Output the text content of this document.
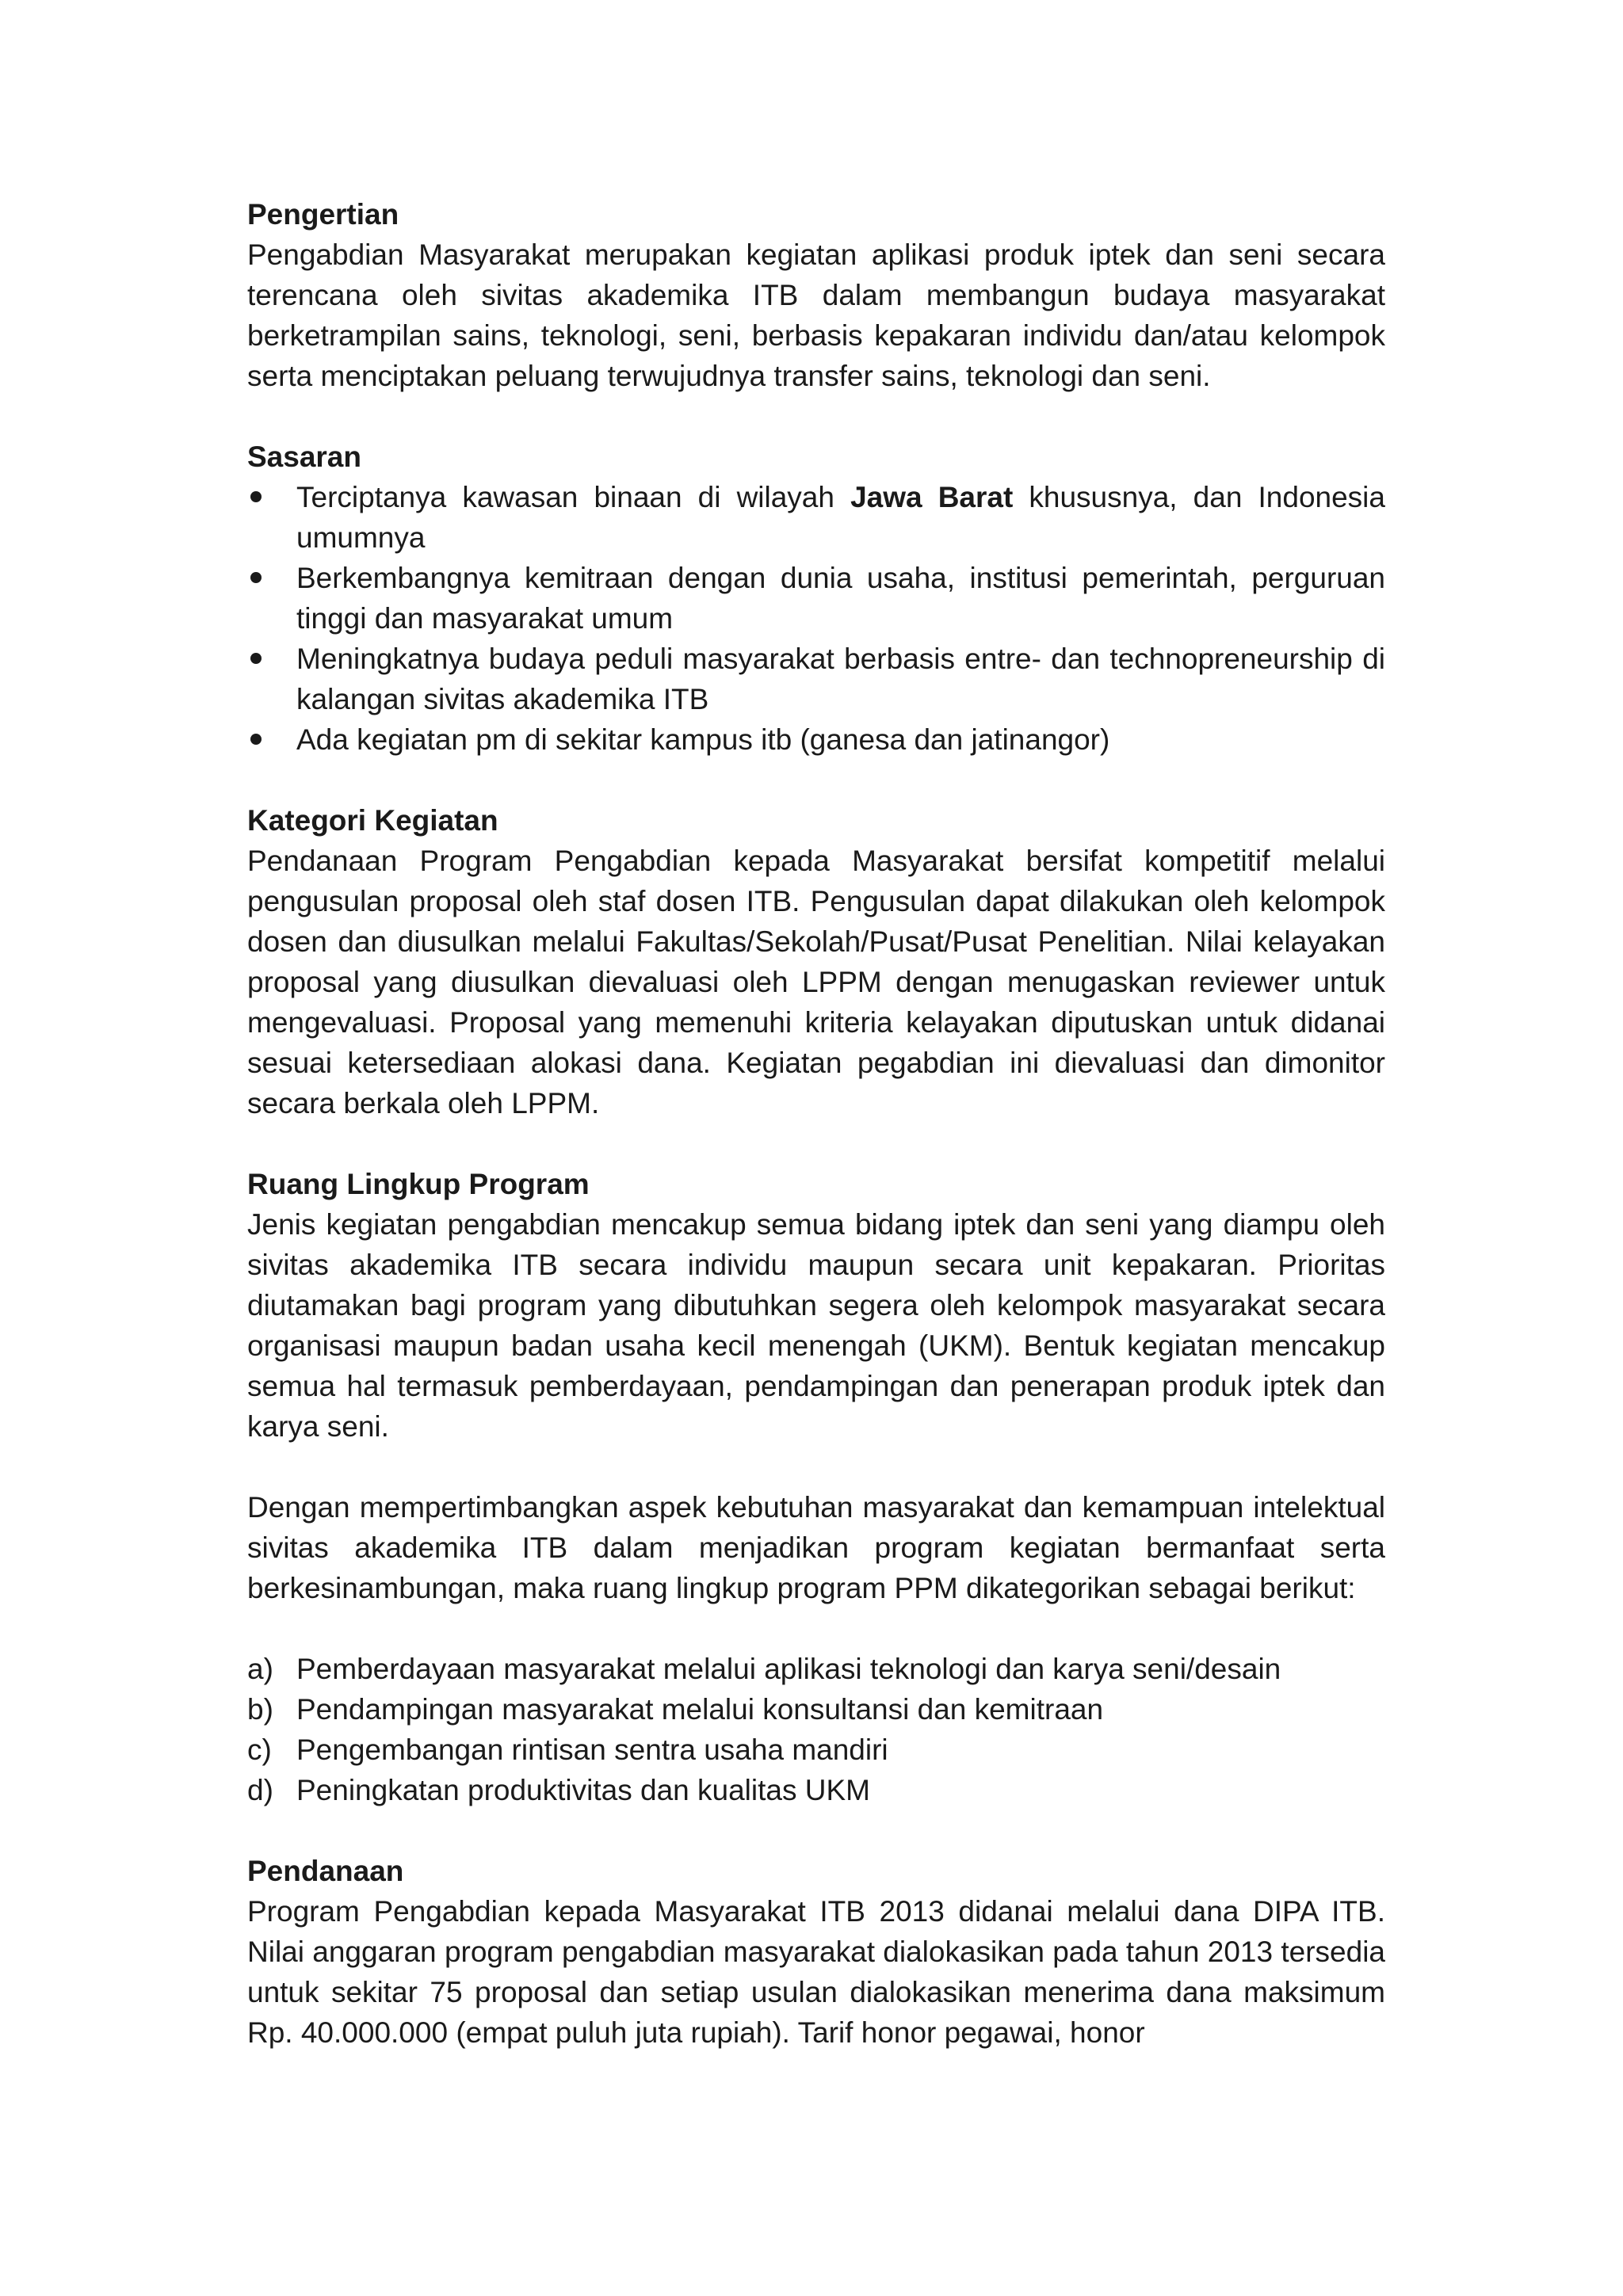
Pengertian

Pengabdian Masyarakat merupakan kegiatan aplikasi produk iptek dan seni secara terencana oleh sivitas akademika ITB dalam membangun budaya masyarakat berketrampilan sains, teknologi, seni, berbasis kepakaran individu dan/atau kelompok serta menciptakan peluang terwujudnya transfer sains, teknologi dan seni.

Sasaran

Terciptanya kawasan binaan di wilayah Jawa Barat khususnya, dan Indonesia umumnya
Berkembangnya kemitraan dengan dunia usaha, institusi pemerintah, perguruan tinggi dan masyarakat umum
Meningkatnya budaya peduli masyarakat berbasis entre- dan technopreneurship di kalangan sivitas akademika ITB
Ada kegiatan pm di sekitar kampus itb (ganesa dan jatinangor)

Kategori Kegiatan

Pendanaan Program Pengabdian kepada Masyarakat bersifat kompetitif melalui pengusulan proposal oleh staf dosen ITB. Pengusulan dapat dilakukan oleh kelompok dosen dan diusulkan melalui Fakultas/Sekolah/Pusat/Pusat Penelitian. Nilai kelayakan proposal yang diusulkan dievaluasi oleh LPPM dengan menugaskan reviewer untuk mengevaluasi. Proposal yang memenuhi kriteria kelayakan diputuskan untuk didanai sesuai ketersediaan alokasi dana. Kegiatan pegabdian ini dievaluasi dan dimonitor secara berkala oleh LPPM.

Ruang Lingkup Program

Jenis kegiatan pengabdian mencakup semua bidang iptek dan seni yang diampu oleh sivitas akademika ITB secara individu maupun secara unit kepakaran. Prioritas diutamakan bagi program yang dibutuhkan segera oleh kelompok masyarakat secara organisasi maupun badan usaha kecil menengah (UKM). Bentuk kegiatan mencakup semua hal termasuk pemberdayaan, pendampingan dan penerapan produk iptek dan karya seni.

Dengan mempertimbangkan aspek kebutuhan masyarakat dan kemampuan intelektual sivitas akademika ITB dalam menjadikan program kegiatan bermanfaat serta berkesinambungan, maka ruang lingkup program PPM dikategorikan sebagai berikut:

a) Pemberdayaan masyarakat melalui aplikasi teknologi dan karya seni/desain
b) Pendampingan masyarakat melalui konsultansi dan kemitraan
c) Pengembangan rintisan sentra usaha mandiri
d) Peningkatan produktivitas dan kualitas UKM

Pendanaan

Program Pengabdian kepada Masyarakat ITB 2013 didanai melalui dana DIPA ITB. Nilai anggaran program pengabdian masyarakat dialokasikan pada tahun 2013 tersedia untuk sekitar 75 proposal dan setiap usulan dialokasikan menerima dana maksimum Rp. 40.000.000 (empat puluh juta rupiah). Tarif honor pegawai, honor
